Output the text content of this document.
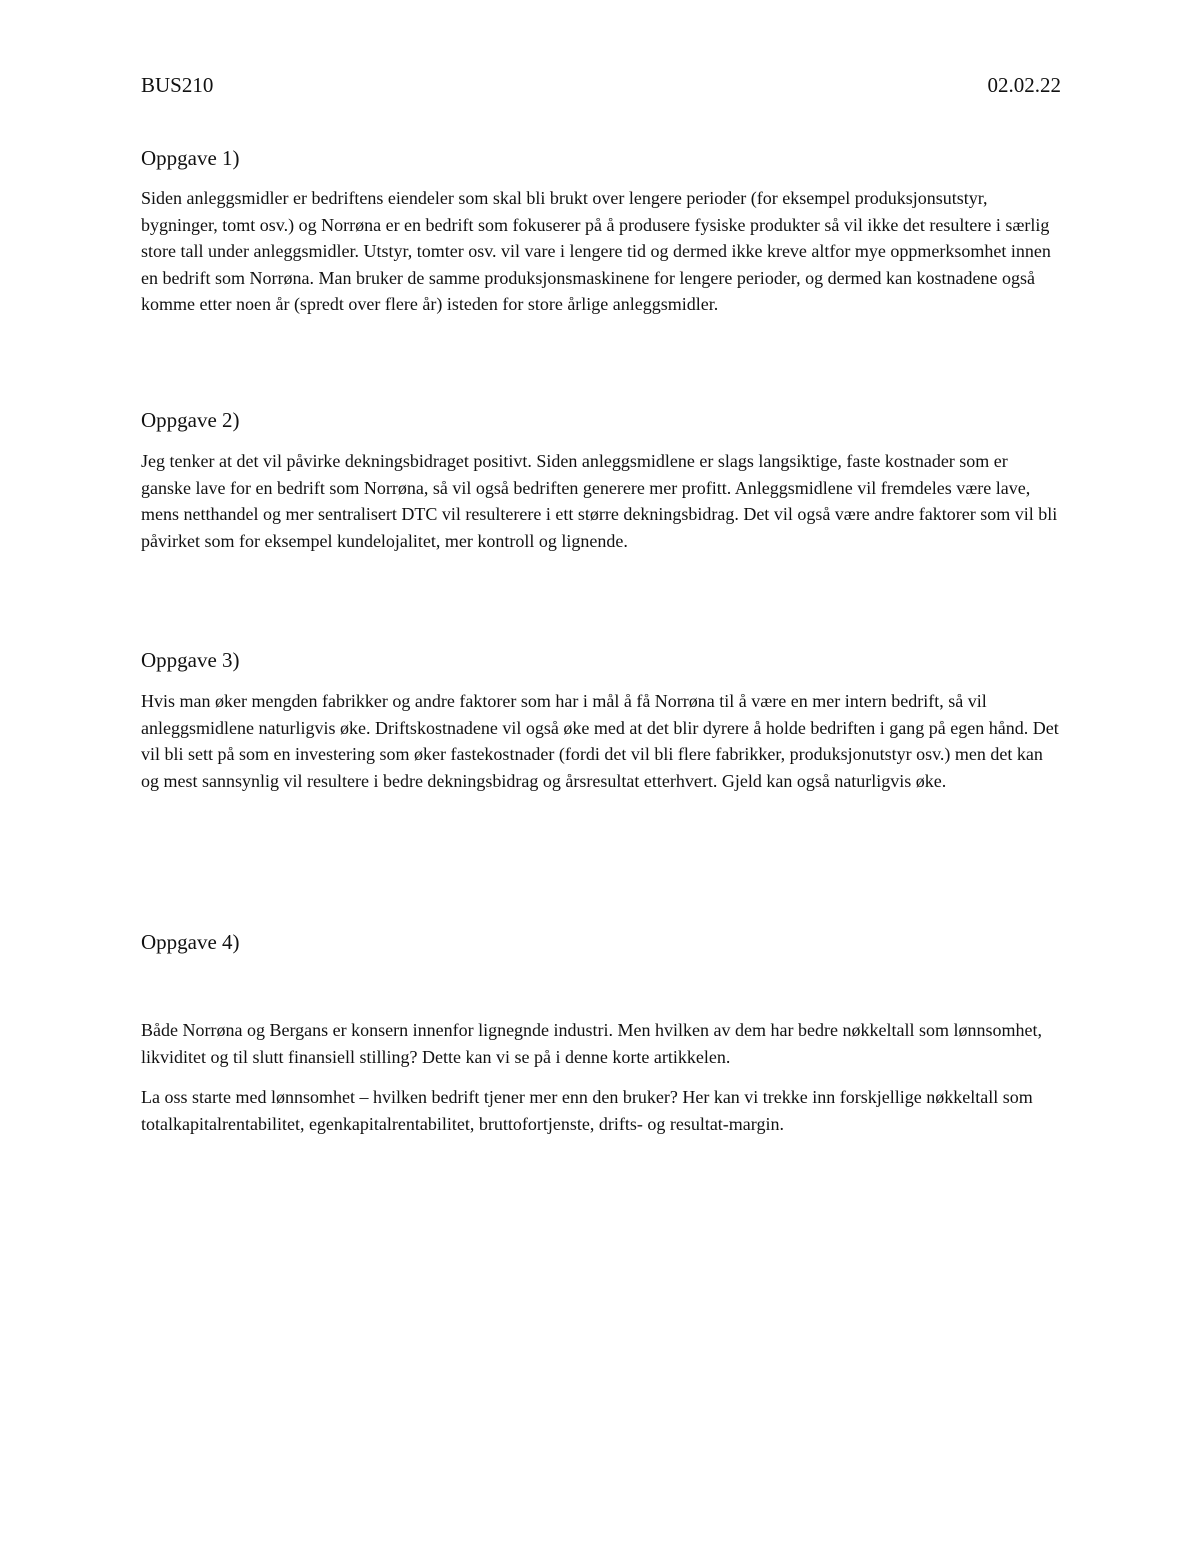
BUS210	02.02.22
Oppgave 1)

Siden anleggsmidler er bedriftens eiendeler som skal bli brukt over lengere perioder (for eksempel produksjonsutstyr, bygninger, tomt osv.) og Norrøna er en bedrift som fokuserer på å produsere fysiske produkter så vil ikke det resultere i særlig store tall under anleggsmidler. Utstyr, tomter osv. vil vare i lengere tid og dermed ikke kreve altfor mye oppmerksomhet innen en bedrift som Norrøna. Man bruker de samme produksjonsmaskinene for lengere perioder, og dermed kan kostnadene også komme etter noen år (spredt over flere år) isteden for store årlige anleggsmidler.

Oppgave 2)

Jeg tenker at det vil påvirke dekningsbidraget positivt. Siden anleggsmidlene er slags langsiktige, faste kostnader som er ganske lave for en bedrift som Norrøna, så vil også bedriften generere mer profitt. Anleggsmidlene vil fremdeles være lave, mens netthandel og mer sentralisert DTC vil resulterere i ett større dekningsbidrag. Det vil også være andre faktorer som vil bli påvirket som for eksempel kundelojalitet, mer kontroll og lignende.

Oppgave 3)

Hvis man øker mengden fabrikker og andre faktorer som har i mål å få Norrøna til å være en mer intern bedrift, så vil anleggsmidlene naturligvis øke. Driftskostnadene vil også øke med at det blir dyrere å holde bedriften i gang på egen hånd. Det vil bli sett på som en investering som øker fastekostnader (fordi det vil bli flere fabrikker, produksjonutstyr osv.) men det kan og mest sannsynlig vil resultere i bedre dekningsbidrag og årsresultat etterhvert. Gjeld kan også naturligvis øke.

Oppgave 4)

Både Norrøna og Bergans er konsern innenfor lignegnde industri. Men hvilken av dem har bedre nøkkeltall som lønnsomhet, likviditet og til slutt finansiell stilling? Dette kan vi se på i denne korte artikkelen.

La oss starte med lønnsomhet – hvilken bedrift tjener mer enn den bruker? Her kan vi trekke inn forskjellige nøkkeltall som totalkapitalrentabilitet, egenkapitalrentabilitet, bruttofortjenste, drifts- og resultat-margin.
